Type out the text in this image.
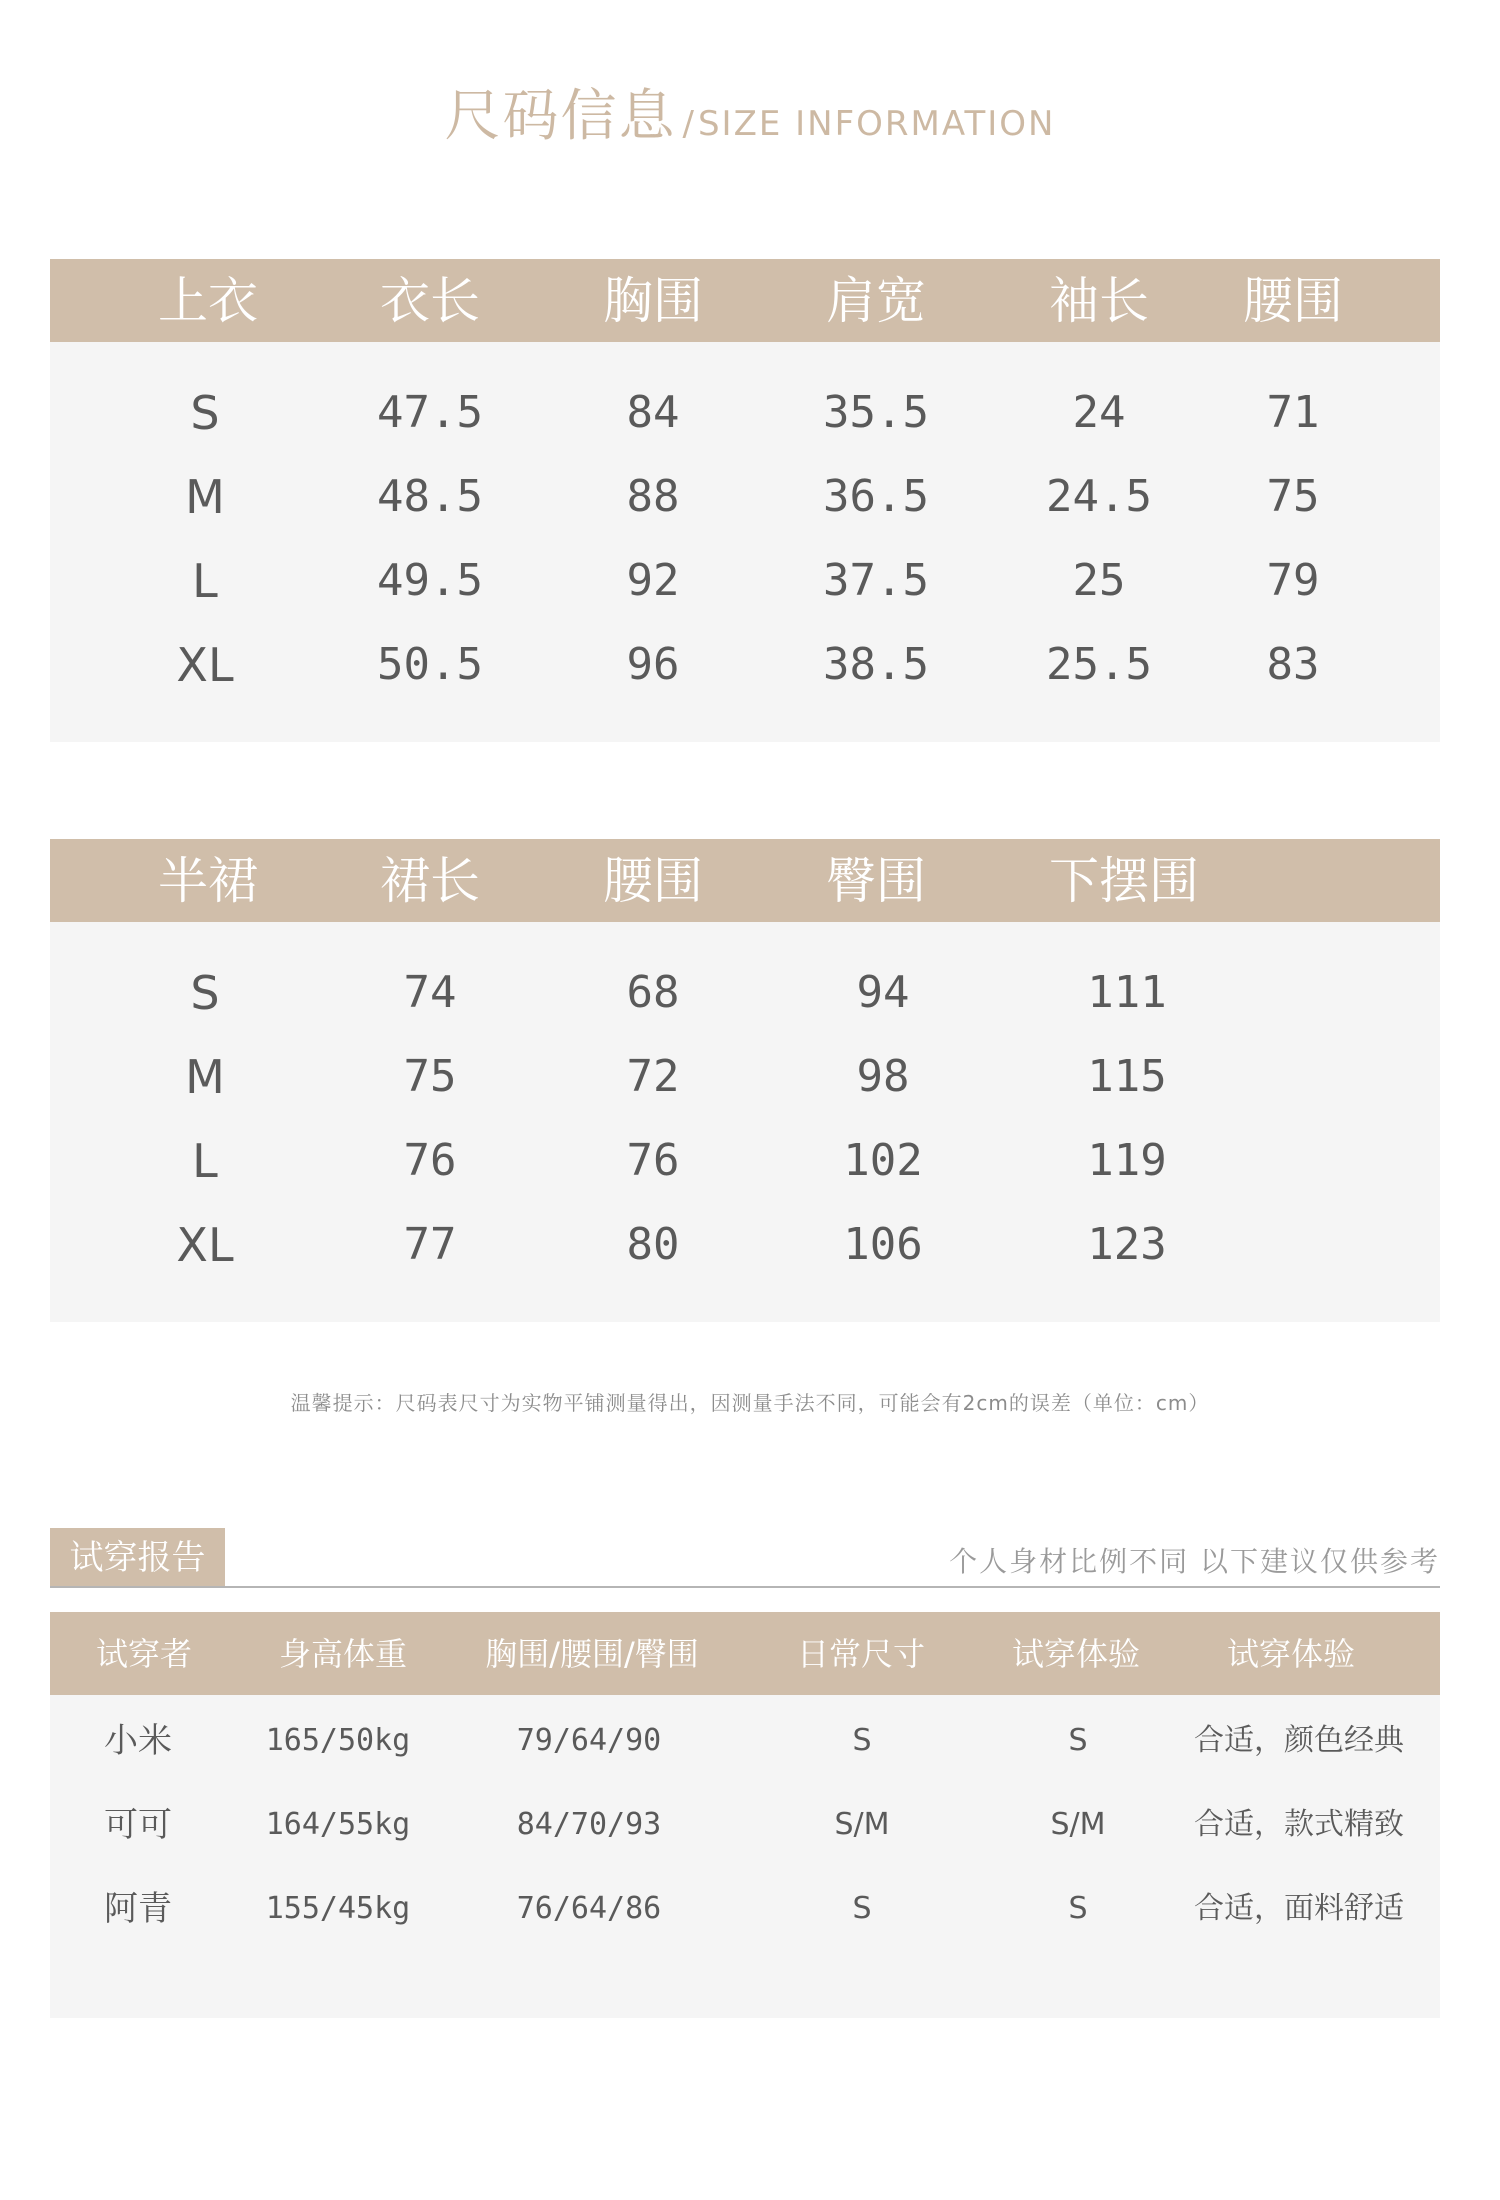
尺码信息 / SIZE INFORMATION
上衣 衣长 胸围 肩宽 袖长 腰围
S	47.5	84	35.5	24	71
M	48.5	88	36.5	24.5	75
L	49.5	92	37.5	25	79
XL	50.5	96	38.5	25.5	83
半裙 裙长 腰围 臀围 下摆围
S	74	68	94	111
M	75	72	98	115
L	76	76	102	119
XL	77	80	106	123
温馨提示：尺码表尺寸为实物平铺测量得出，因测量手法不同，可能会有2cm的误差（单位：cm）
试穿报告	个人身材比例不同 以下建议仅供参考
试穿者	身高体重 胸围/腰围/臀围	日常尺寸	试穿体验	试穿体验
小米	165/50kg	79/64/90	S	S	合适，颜色经典
可可	164/55kg	84/70/93	S/M	S/M	合适，款式精致
阿青	155/45kg	76/64/86	S	S	合适，面料舒适
